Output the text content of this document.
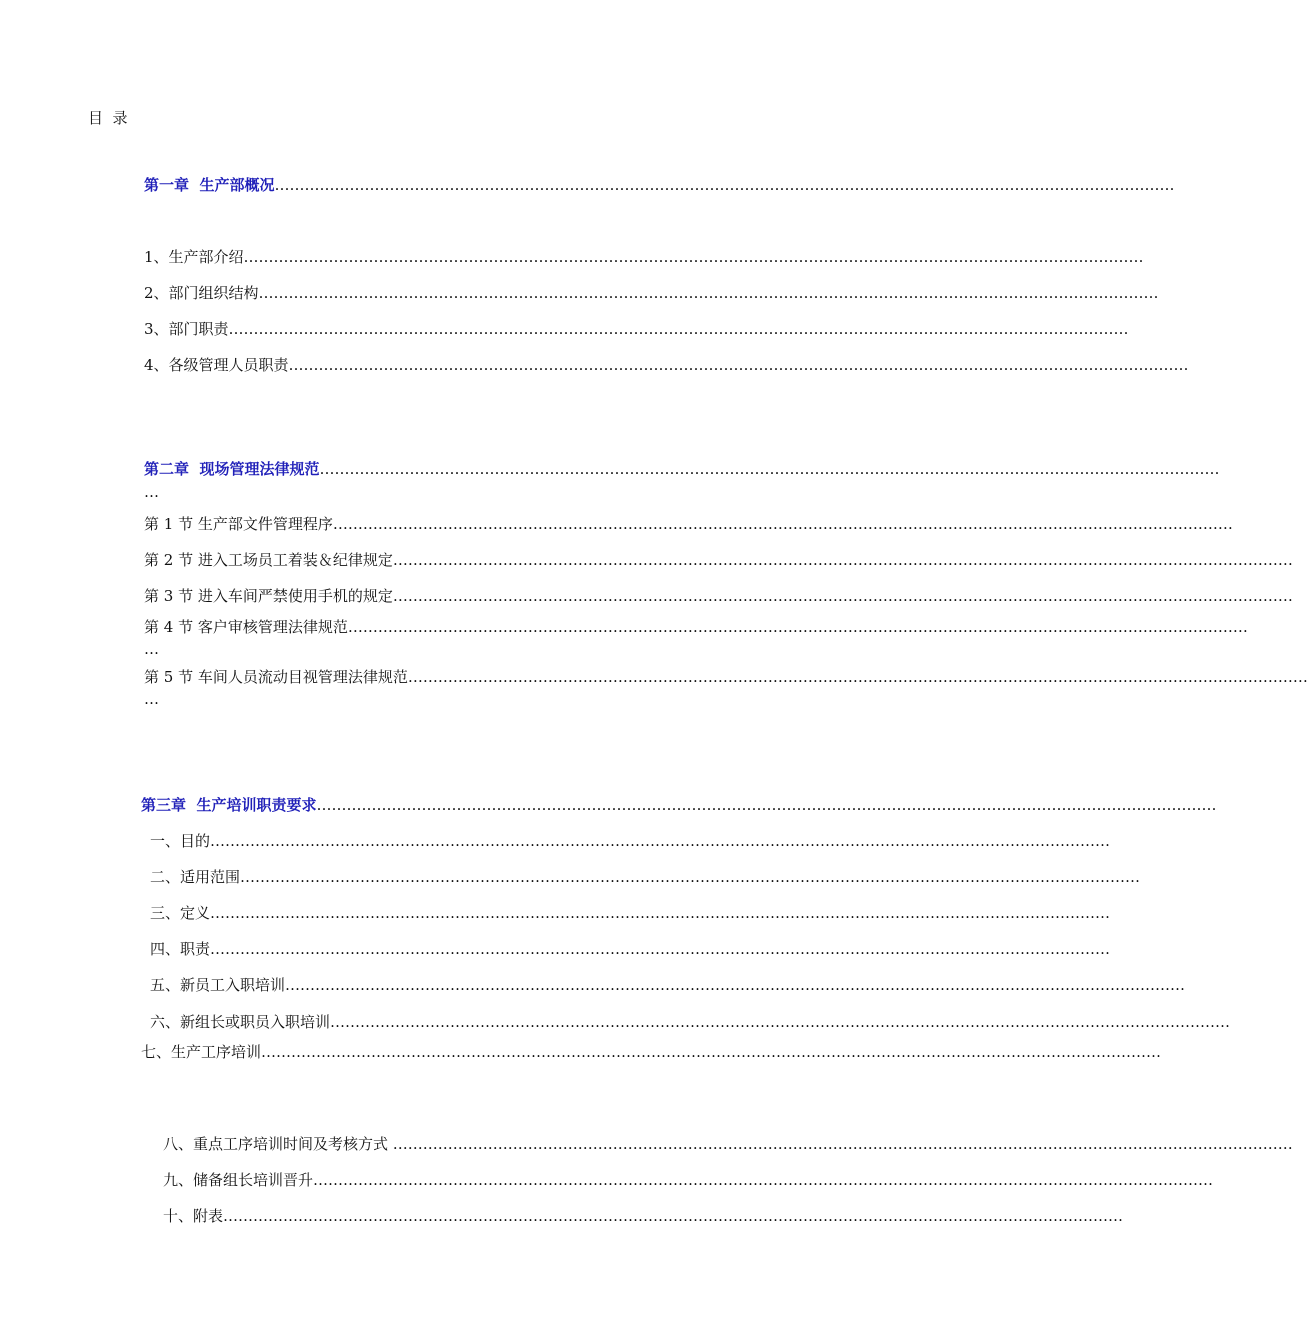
目  录
第一章  生产部概况………………………………………………………………………………………………………………………………………………………………
1、生产部介绍………………………………………………………………………………………………………………………………………………………………
2、部门组织结构………………………………………………………………………………………………………………………………………………………………
3、部门职责………………………………………………………………………………………………………………………………………………………………
4、各级管理人员职责………………………………………………………………………………………………………………………………………………………………
第二章  现场管理法律规范………………………………………………………………………………………………………………………………………………………………
…
第 1 节 生产部文件管理程序………………………………………………………………………………………………………………………………………………………………
第 2 节 进入工场员工着装＆纪律规定………………………………………………………………………………………………………………………………………………………………
第 3 节 进入车间严禁使用手机的规定………………………………………………………………………………………………………………………………………………………………
第 4 节 客户审核管理法律规范………………………………………………………………………………………………………………………………………………………………
…
第 5 节 车间人员流动目视管理法律规范………………………………………………………………………………………………………………………………………………………………
…
第三章  生产培训职责要求………………………………………………………………………………………………………………………………………………………………
一、目的………………………………………………………………………………………………………………………………………………………………
二、适用范围………………………………………………………………………………………………………………………………………………………………
三、定义………………………………………………………………………………………………………………………………………………………………
四、职责………………………………………………………………………………………………………………………………………………………………
五、新员工入职培训………………………………………………………………………………………………………………………………………………………………
六、新组长或职员入职培训………………………………………………………………………………………………………………………………………………………………
七、生产工序培训………………………………………………………………………………………………………………………………………………………………
八、重点工序培训时间及考核方式 ………………………………………………………………………………………………………………………………………………………………
九、储备组长培训晋升………………………………………………………………………………………………………………………………………………………………
十、附表………………………………………………………………………………………………………………………………………………………………
